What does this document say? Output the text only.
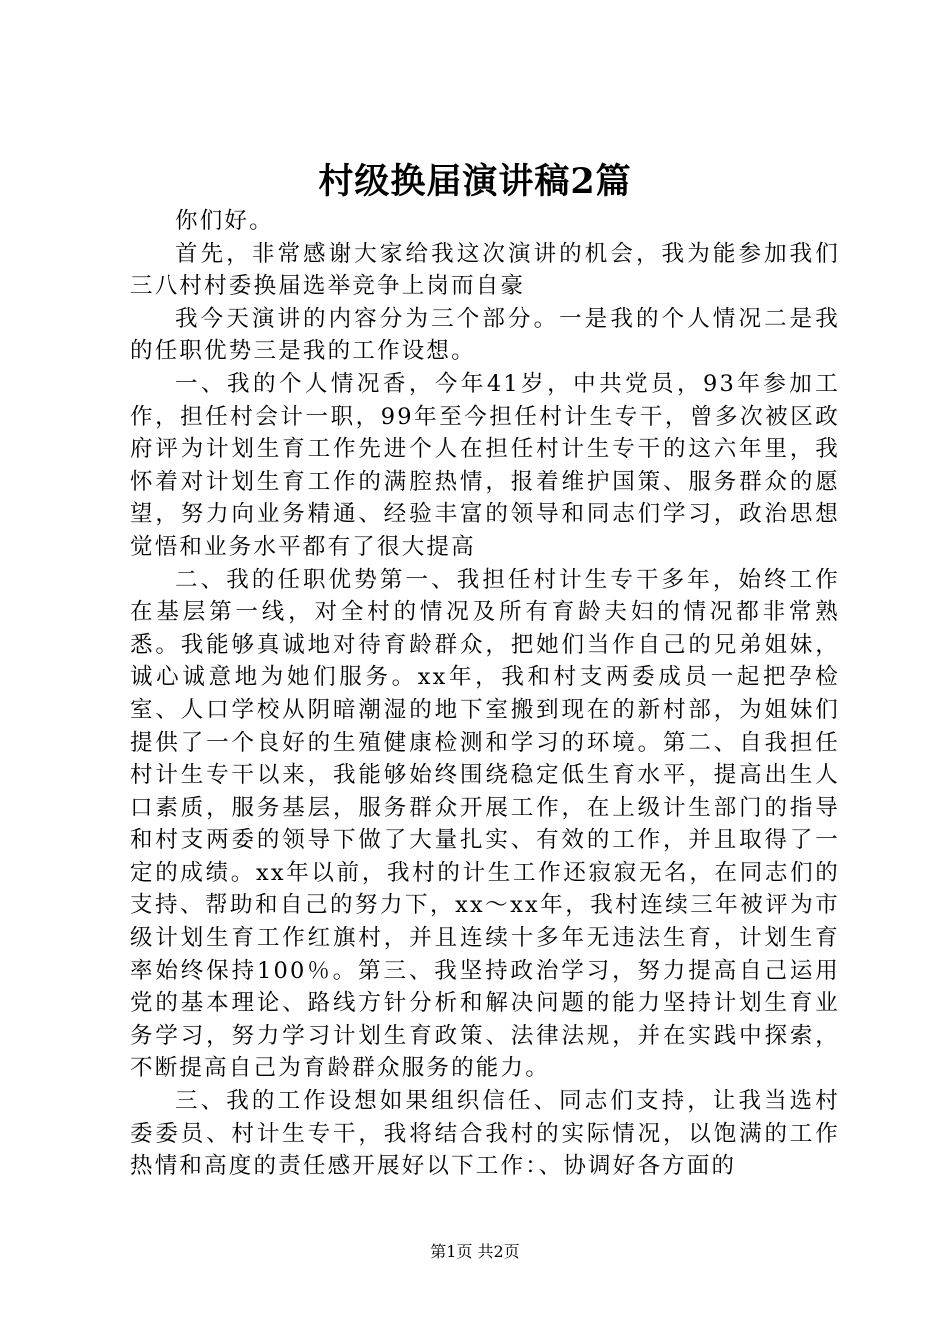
村级换届演讲稿2篇

你们好。

首先，非常感谢大家给我这次演讲的机会，我为能参加我们三八村村委换届选举竞争上岗而自豪

我今天演讲的内容分为三个部分。一是我的个人情况二是我的任职优势三是我的工作设想。

一、我的个人情况香，今年41岁，中共党员，93年参加工作，担任村会计一职，99年至今担任村计生专干，曾多次被区政府评为计划生育工作先进个人在担任村计生专干的这六年里，我怀着对计划生育工作的满腔热情，报着维护国策、服务群众的愿望，努力向业务精通、经验丰富的领导和同志们学习，政治思想觉悟和业务水平都有了很大提高

二、我的任职优势第一、我担任村计生专干多年，始终工作在基层第一线，对全村的情况及所有育龄夫妇的情况都非常熟悉。我能够真诚地对待育龄群众，把她们当作自己的兄弟姐妹，诚心诚意地为她们服务。xx年，我和村支两委成员一起把孕检室、人口学校从阴暗潮湿的地下室搬到现在的新村部，为姐妹们提供了一个良好的生殖健康检测和学习的环境。第二、自我担任村计生专干以来，我能够始终围绕稳定低生育水平，提高出生人口素质，服务基层，服务群众开展工作，在上级计生部门的指导和村支两委的领导下做了大量扎实、有效的工作，并且取得了一定的成绩。xx年以前，我村的计生工作还寂寂无名，在同志们的支持、帮助和自己的努力下，xx～xx年，我村连续三年被评为市级计划生育工作红旗村，并且连续十多年无违法生育，计划生育率始终保持100％。第三、我坚持政治学习，努力提高自己运用党的基本理论、路线方针分析和解决问题的能力坚持计划生育业务学习，努力学习计划生育政策、法律法规，并在实践中探索，不断提高自己为育龄群众服务的能力。

三、我的工作设想如果组织信任、同志们支持，让我当选村委委员、村计生专干，我将结合我村的实际情况，以饱满的工作热情和高度的责任感开展好以下工作：、协调好各方面的

第1页 共2页
